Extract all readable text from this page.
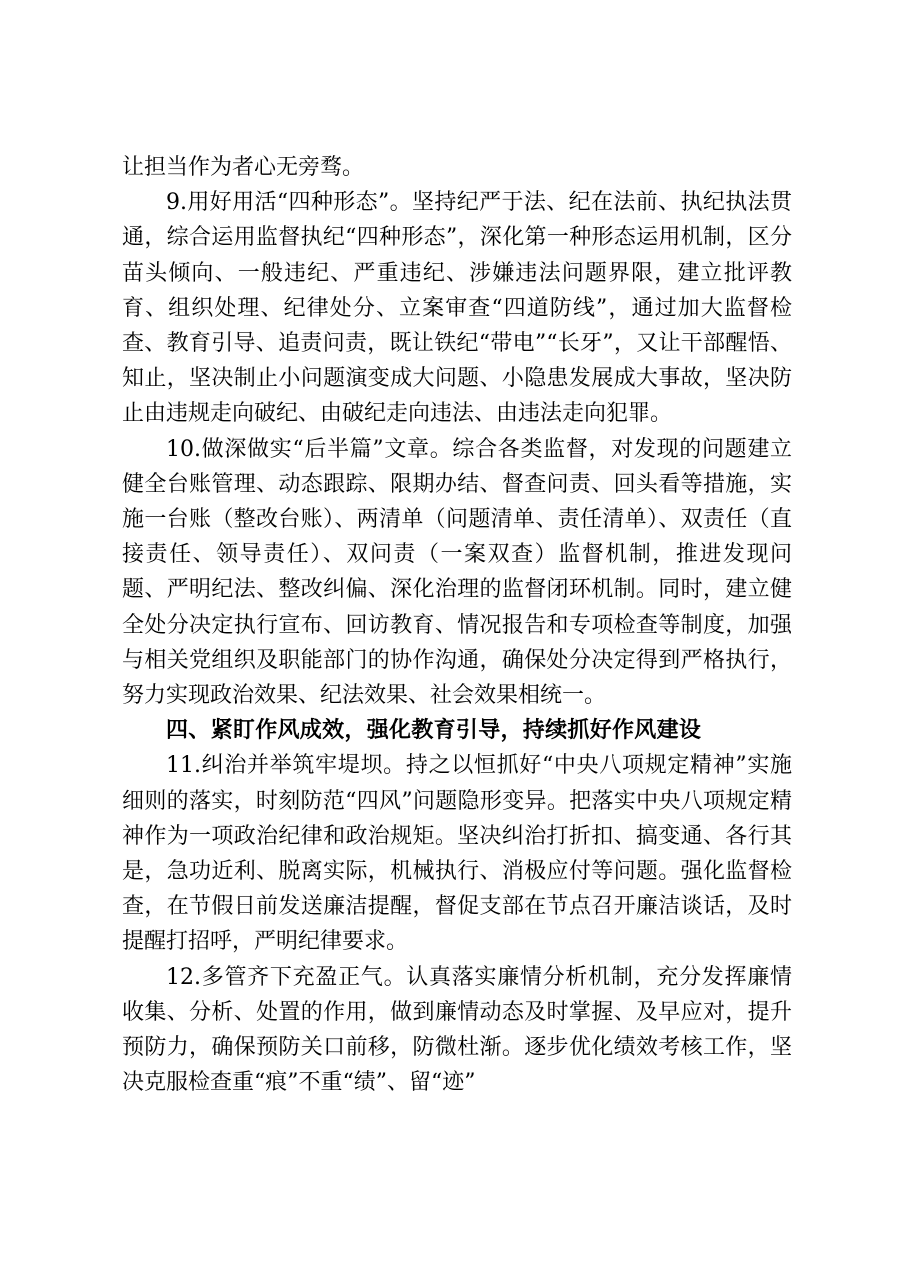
让担当作为者心无旁骛。

9.用好用活“四种形态”。坚持纪严于法、纪在法前、执纪执法贯通，综合运用监督执纪“四种形态”，深化第一种形态运用机制，区分苗头倾向、一般违纪、严重违纪、涉嫌违法问题界限，建立批评教育、组织处理、纪律处分、立案审查“四道防线”，通过加大监督检查、教育引导、追责问责，既让铁纪“带电”“长牙”，又让干部醒悟、知止，坚决制止小问题演变成大问题、小隐患发展成大事故，坚决防止由违规走向破纪、由破纪走向违法、由违法走向犯罪。

10.做深做实“后半篇”文章。综合各类监督，对发现的问题建立健全台账管理、动态跟踪、限期办结、督查问责、回头看等措施，实施一台账（整改台账）、两清单（问题清单、责任清单）、双责任（直接责任、领导责任）、双问责（一案双查）监督机制，推进发现问题、严明纪法、整改纠偏、深化治理的监督闭环机制。同时，建立健全处分决定执行宣布、回访教育、情况报告和专项检查等制度，加强与相关党组织及职能部门的协作沟通，确保处分决定得到严格执行，努力实现政治效果、纪法效果、社会效果相统一。

四、紧盯作风成效，强化教育引导，持续抓好作风建设

11.纠治并举筑牢堤坝。持之以恒抓好“中央八项规定精神”实施细则的落实，时刻防范“四风”问题隐形变异。把落实中央八项规定精神作为一项政治纪律和政治规矩。坚决纠治打折扣、搞变通、各行其是，急功近利、脱离实际，机械执行、消极应付等问题。强化监督检查，在节假日前发送廉洁提醒，督促支部在节点召开廉洁谈话，及时提醒打招呼，严明纪律要求。

12.多管齐下充盈正气。认真落实廉情分析机制，充分发挥廉情收集、分析、处置的作用，做到廉情动态及时掌握、及早应对，提升预防力，确保预防关口前移，防微杜渐。逐步优化绩效考核工作，坚决克服检查重“痕”不重“绩”、留“迹”
